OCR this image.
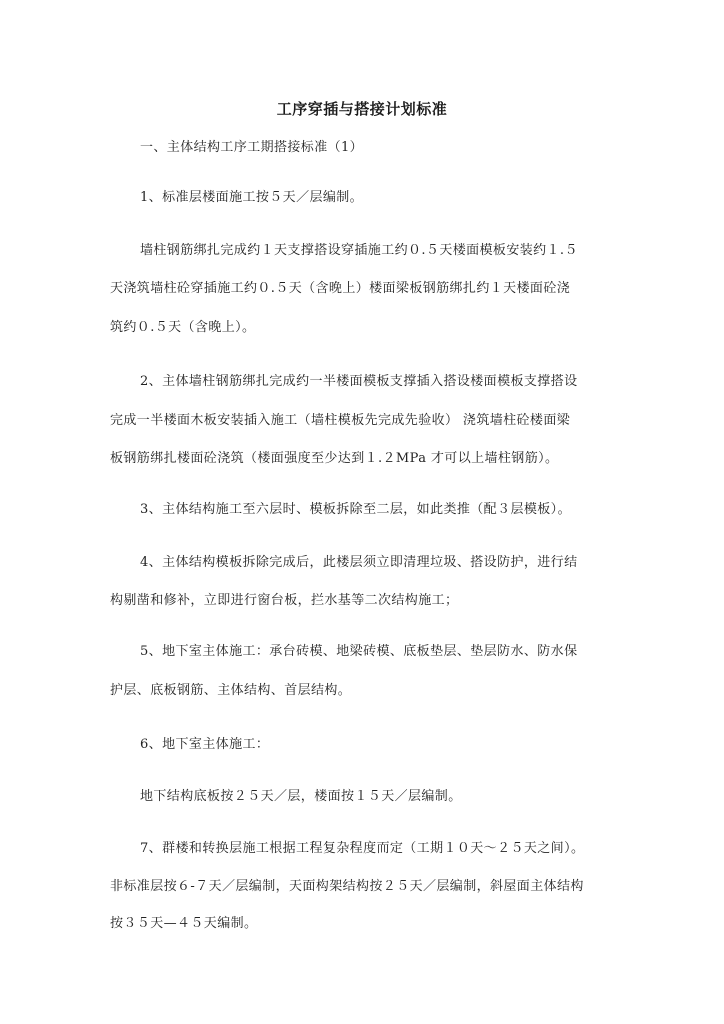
工序穿插与搭接计划标准
一、主体结构工序工期搭接标准（1）
1、标准层楼面施工按５天／层编制。
墙柱钢筋绑扎完成约１天支撑搭设穿插施工约０.５天楼面模板安装约１.５
天浇筑墙柱砼穿插施工约０.５天（含晚上）楼面梁板钢筋绑扎约１天楼面砼浇
筑约０.５天（含晚上）。
2、主体墙柱钢筋绑扎完成约一半楼面模板支撑插入搭设楼面模板支撑搭设
完成一半楼面木板安装插入施工（墙柱模板先完成先验收） 浇筑墙柱砼楼面梁
板钢筋绑扎楼面砼浇筑（楼面强度至少达到１.２MPa 才可以上墙柱钢筋）。
3、主体结构施工至六层时、模板拆除至二层，如此类推（配３层模板）。
4、主体结构模板拆除完成后，此楼层须立即清理垃圾、搭设防护，进行结
构剔凿和修补，立即进行窗台板，拦水基等二次结构施工；
5、地下室主体施工：承台砖模、地梁砖模、底板垫层、垫层防水、防水保
护层、底板钢筋、主体结构、首层结构。
6、地下室主体施工：
地下结构底板按２５天／层，楼面按１５天／层编制。
7、群楼和转换层施工根据工程复杂程度而定（工期１０天～２５天之间）。
非标准层按６-７天／层编制，天面构架结构按２５天／层编制，斜屋面主体结构
按３５天—４５天编制。
